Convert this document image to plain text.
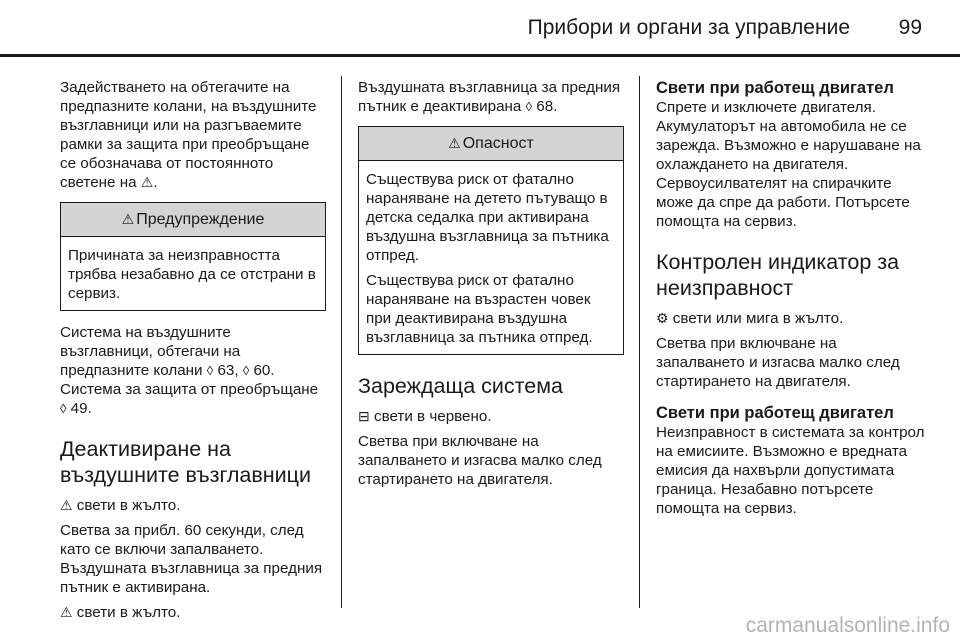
Прибори и органи за управление 99

Задействането на обтегачите на предпазните колани, на въздушните възглавници или на разгъваемите рамки за защита при преобръщане се обозначава от постоянното светене на ⚠.

⚠ Предупреждение

Причината за неизправността трябва незабавно да се отстрани в сервиз.

Система на въздушните възглавници, обтегачи на предпазните колани ◊ 63, ◊ 60.

Система за защита от преобръщане ◊ 49.

Деактивиране на въздушните възглавници

⚠ свети в жълто.

Светва за прибл. 60 секунди, след като се включи запалването. Въздушната възглавница за предния пътник е активирана.

⚠ свети в жълто.

Въздушната възглавница за предния пътник е деактивирана ◊ 68.

⚠ Опасност

Съществува риск от фатално нараняване на детето пътуващо в детска седалка при активирана въздушна възглавница за пътника отпред.

Съществува риск от фатално нараняване на възрастен човек при деактивирана въздушна възглавница за пътника отпред.

Зареждаща система

⊟ свети в червено.

Светва при включване на запалването и изгасва малко след стартирането на двигателя.

Свети при работещ двигател

Спрете и изключете двигателя. Акумулаторът на автомобила не се зарежда. Възможно е нарушаване на охлаждането на двигателя. Сервоусилвателят на спирачките може да спре да работи. Потърсете помощта на сервиз.

Контролен индикатор за неизправност

⚙ свети или мига в жълто.

Светва при включване на запалването и изгасва малко след стартирането на двигателя.

Свети при работещ двигател

Неизправност в системата за контрол на емисиите. Възможно е вредната емисия да нахвърли допустимата граница. Незабавно потърсете помощта на сервиз.

carmanualsonline.info
